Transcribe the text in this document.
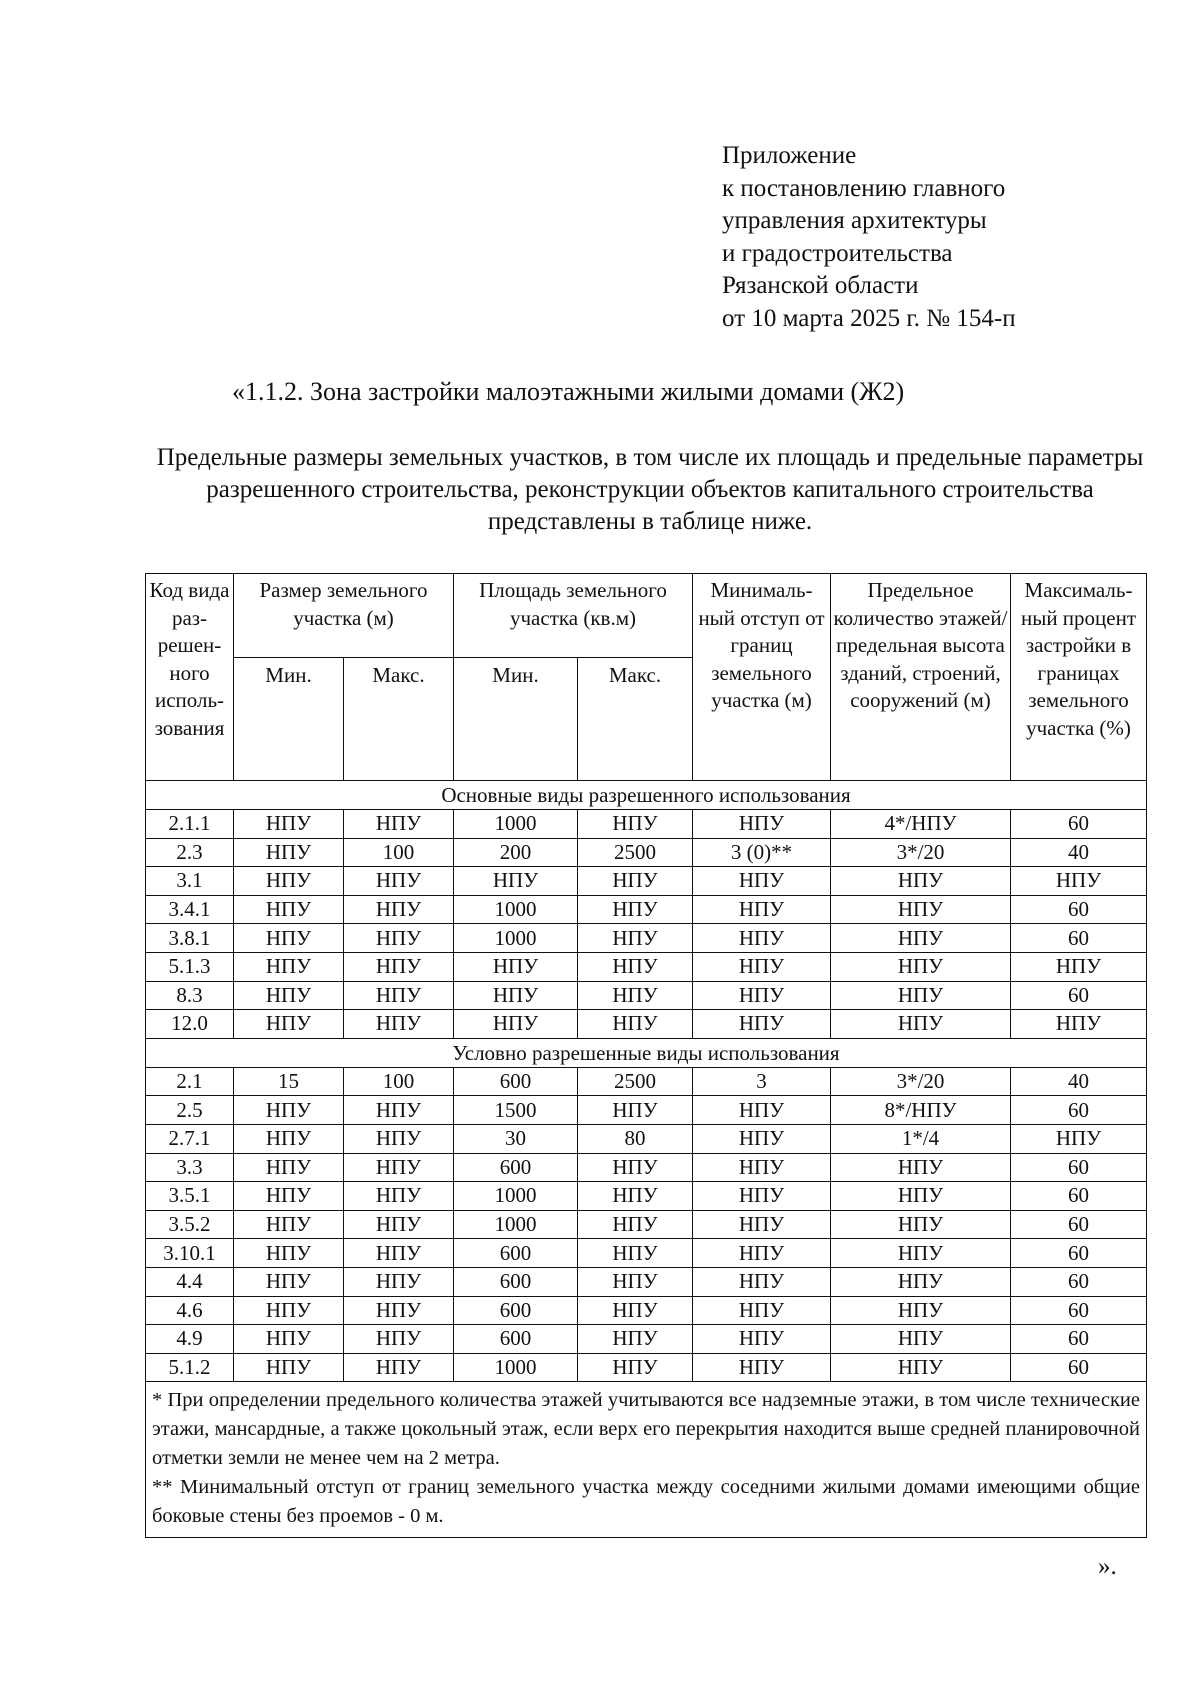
Приложение
к постановлению главного
управления архитектуры
и градостроительства
Рязанской области
от 10 марта 2025 г. № 154-п
«1.1.2. Зона застройки малоэтажными жилыми домами (Ж2)
Предельные размеры земельных участков, в том числе их площадь и предельные параметры разрешенного строительства, реконструкции объектов капитального строительства представлены в таблице ниже.
Код вида раз-решен-ного исполь-зования	Размер земельного участка (м)		Площадь земельного участка (кв.м)		Минималь-ный отступ от границ земельного участка (м)	Предельное количество этажей/ предельная высота зданий, строений, сооружений (м)	Максималь-ный процент застройки в границах земельного участка (%)
	Мин.	Макс.	Мин.	Макс.			
Основные виды разрешенного использования							
2.1.1	НПУ	НПУ	1000	НПУ	НПУ	4*/НПУ	60
2.3	НПУ	100	200	2500	3 (0)**	3*/20	40
3.1	НПУ	НПУ	НПУ	НПУ	НПУ	НПУ	НПУ
3.4.1	НПУ	НПУ	1000	НПУ	НПУ	НПУ	60
3.8.1	НПУ	НПУ	1000	НПУ	НПУ	НПУ	60
5.1.3	НПУ	НПУ	НПУ	НПУ	НПУ	НПУ	НПУ
8.3	НПУ	НПУ	НПУ	НПУ	НПУ	НПУ	60
12.0	НПУ	НПУ	НПУ	НПУ	НПУ	НПУ	НПУ
Условно разрешенные виды использования							
2.1	15	100	600	2500	3	3*/20	40
2.5	НПУ	НПУ	1500	НПУ	НПУ	8*/НПУ	60
2.7.1	НПУ	НПУ	30	80	НПУ	1*/4	НПУ
3.3	НПУ	НПУ	600	НПУ	НПУ	НПУ	60
3.5.1	НПУ	НПУ	1000	НПУ	НПУ	НПУ	60
3.5.2	НПУ	НПУ	1000	НПУ	НПУ	НПУ	60
3.10.1	НПУ	НПУ	600	НПУ	НПУ	НПУ	60
4.4	НПУ	НПУ	600	НПУ	НПУ	НПУ	60
4.6	НПУ	НПУ	600	НПУ	НПУ	НПУ	60
4.9	НПУ	НПУ	600	НПУ	НПУ	НПУ	60
5.1.2	НПУ	НПУ	1000	НПУ	НПУ	НПУ	60

* При определении предельного количества этажей учитываются все надземные этажи, в том числе технические этажи, мансардные, а также цокольный этаж, если верх его перекрытия находится выше средней планировочной отметки земли не менее чем на 2 метра.

** Минимальный отступ от границ земельного участка между соседними жилыми домами имеющими общие боковые стены без проемов - 0 м.							

».
